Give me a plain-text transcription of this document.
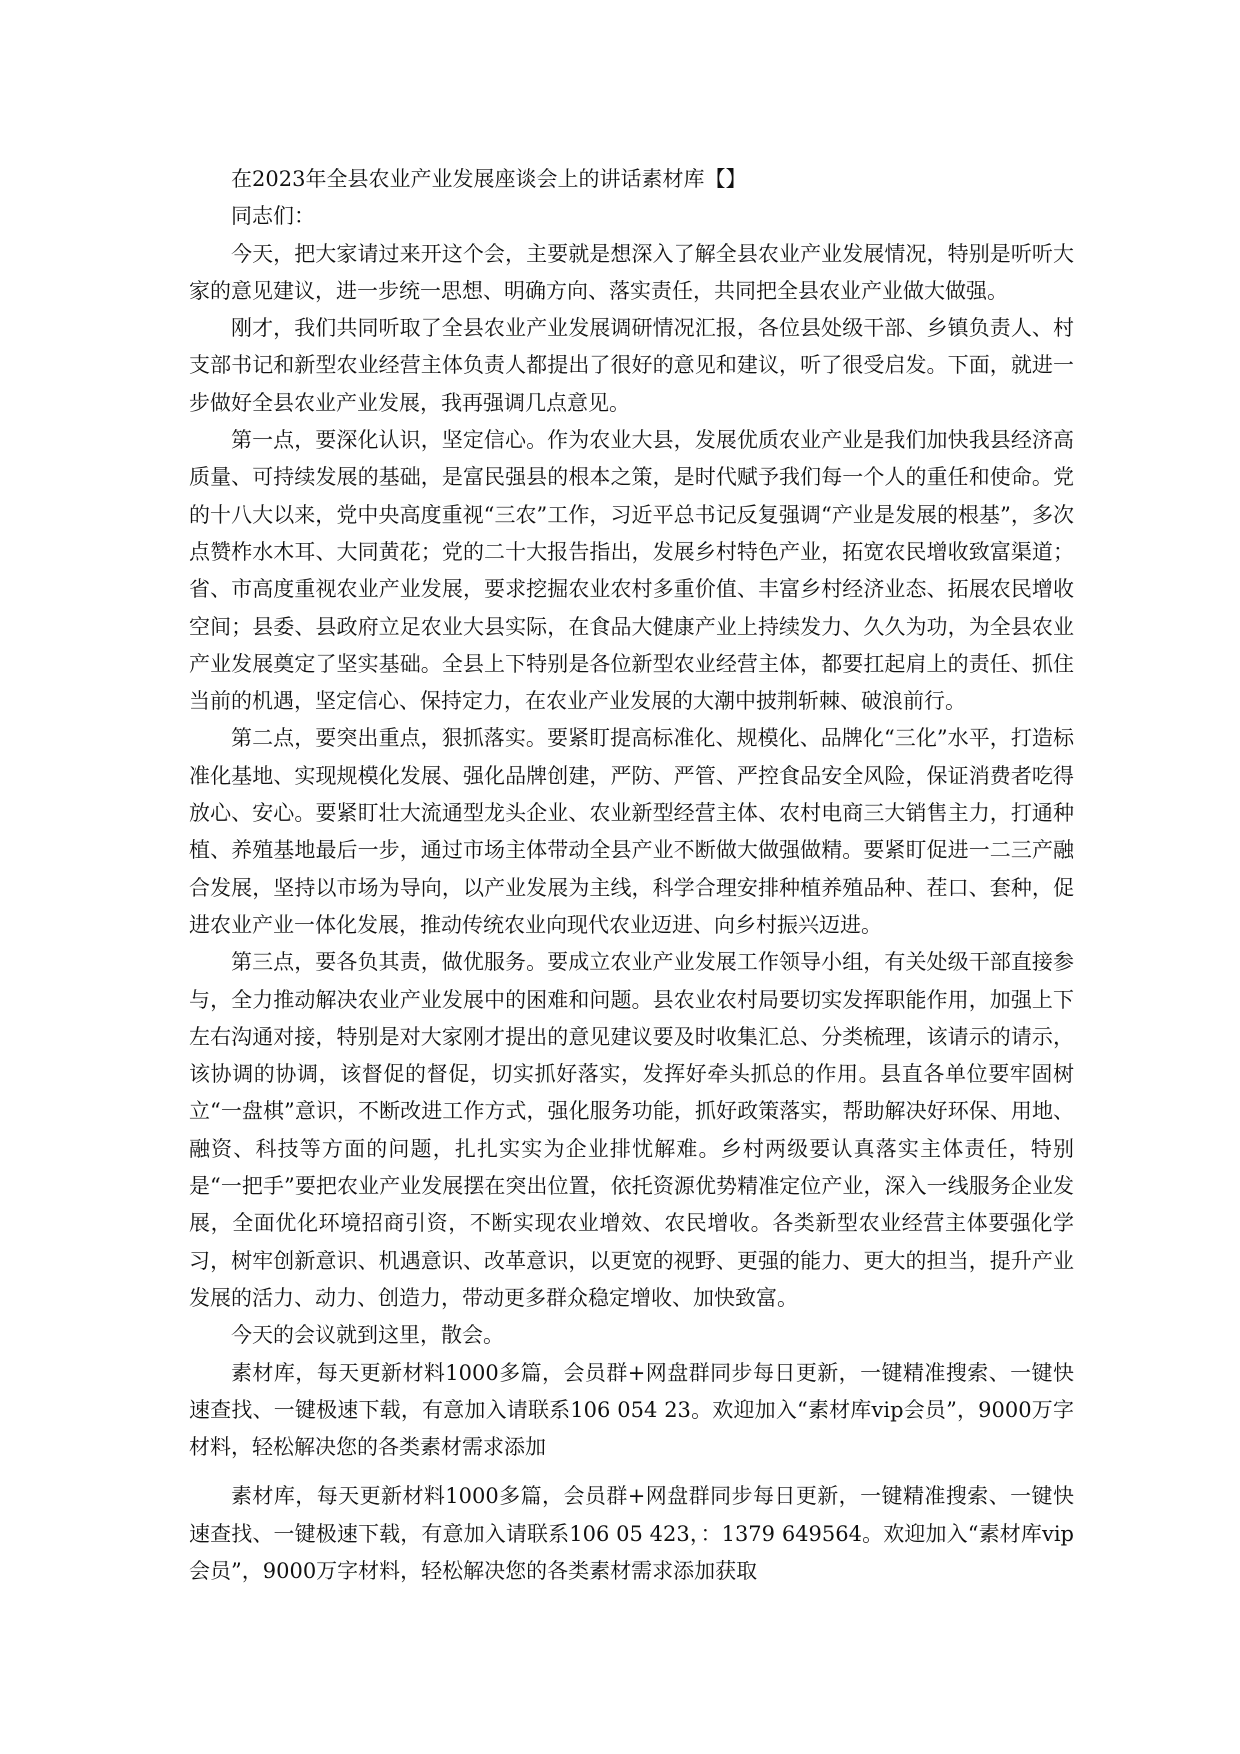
在2023年全县农业产业发展座谈会上的讲话素材库【】

同志们：

今天，把大家请过来开这个会，主要就是想深入了解全县农业产业发展情况，特别是听听大家的意见建议，进一步统一思想、明确方向、落实责任，共同把全县农业产业做大做强。

刚才，我们共同听取了全县农业产业发展调研情况汇报，各位县处级干部、乡镇负责人、村支部书记和新型农业经营主体负责人都提出了很好的意见和建议，听了很受启发。下面，就进一步做好全县农业产业发展，我再强调几点意见。

第一点，要深化认识，坚定信心。作为农业大县，发展优质农业产业是我们加快我县经济高质量、可持续发展的基础，是富民强县的根本之策，是时代赋予我们每一个人的重任和使命。党的十八大以来，党中央高度重视“三农”工作，习近平总书记反复强调“产业是发展的根基”，多次点赞柞水木耳、大同黄花；党的二十大报告指出，发展乡村特色产业，拓宽农民增收致富渠道；省、市高度重视农业产业发展，要求挖掘农业农村多重价值、丰富乡村经济业态、拓展农民增收空间；县委、县政府立足农业大县实际，在食品大健康产业上持续发力、久久为功，为全县农业产业发展奠定了坚实基础。全县上下特别是各位新型农业经营主体，都要扛起肩上的责任、抓住当前的机遇，坚定信心、保持定力，在农业产业发展的大潮中披荆斩棘、破浪前行。

第二点，要突出重点，狠抓落实。要紧盯提高标准化、规模化、品牌化“三化”水平，打造标准化基地、实现规模化发展、强化品牌创建，严防、严管、严控食品安全风险，保证消费者吃得放心、安心。要紧盯壮大流通型龙头企业、农业新型经营主体、农村电商三大销售主力，打通种植、养殖基地最后一步，通过市场主体带动全县产业不断做大做强做精。要紧盯促进一二三产融合发展，坚持以市场为导向，以产业发展为主线，科学合理安排种植养殖品种、茬口、套种，促进农业产业一体化发展，推动传统农业向现代农业迈进、向乡村振兴迈进。

第三点，要各负其责，做优服务。要成立农业产业发展工作领导小组，有关处级干部直接参与，全力推动解决农业产业发展中的困难和问题。县农业农村局要切实发挥职能作用，加强上下左右沟通对接，特别是对大家刚才提出的意见建议要及时收集汇总、分类梳理，该请示的请示，该协调的协调，该督促的督促，切实抓好落实，发挥好牵头抓总的作用。县直各单位要牢固树立“一盘棋”意识，不断改进工作方式，强化服务功能，抓好政策落实，帮助解决好环保、用地、融资、科技等方面的问题，扎扎实实为企业排忧解难。乡村两级要认真落实主体责任，特别是“一把手”要把农业产业发展摆在突出位置，依托资源优势精准定位产业，深入一线服务企业发展，全面优化环境招商引资，不断实现农业增效、农民增收。各类新型农业经营主体要强化学习，树牢创新意识、机遇意识、改革意识，以更宽的视野、更强的能力、更大的担当，提升产业发展的活力、动力、创造力，带动更多群众稳定增收、加快致富。

今天的会议就到这里，散会。

素材库，每天更新材料1000多篇，会员群+网盘群同步每日更新，一键精准搜索、一键快速查找、一键极速下载，有意加入请联系106 054 23。欢迎加入“素材库vip会员”，9000万字材料，轻松解决您的各类素材需求添加

素材库，每天更新材料1000多篇，会员群+网盘群同步每日更新，一键精准搜索、一键快速查找、一键极速下载，有意加入请联系106 05 423，：1379 649564。欢迎加入“素材库vip会员”，9000万字材料，轻松解决您的各类素材需求添加获取
